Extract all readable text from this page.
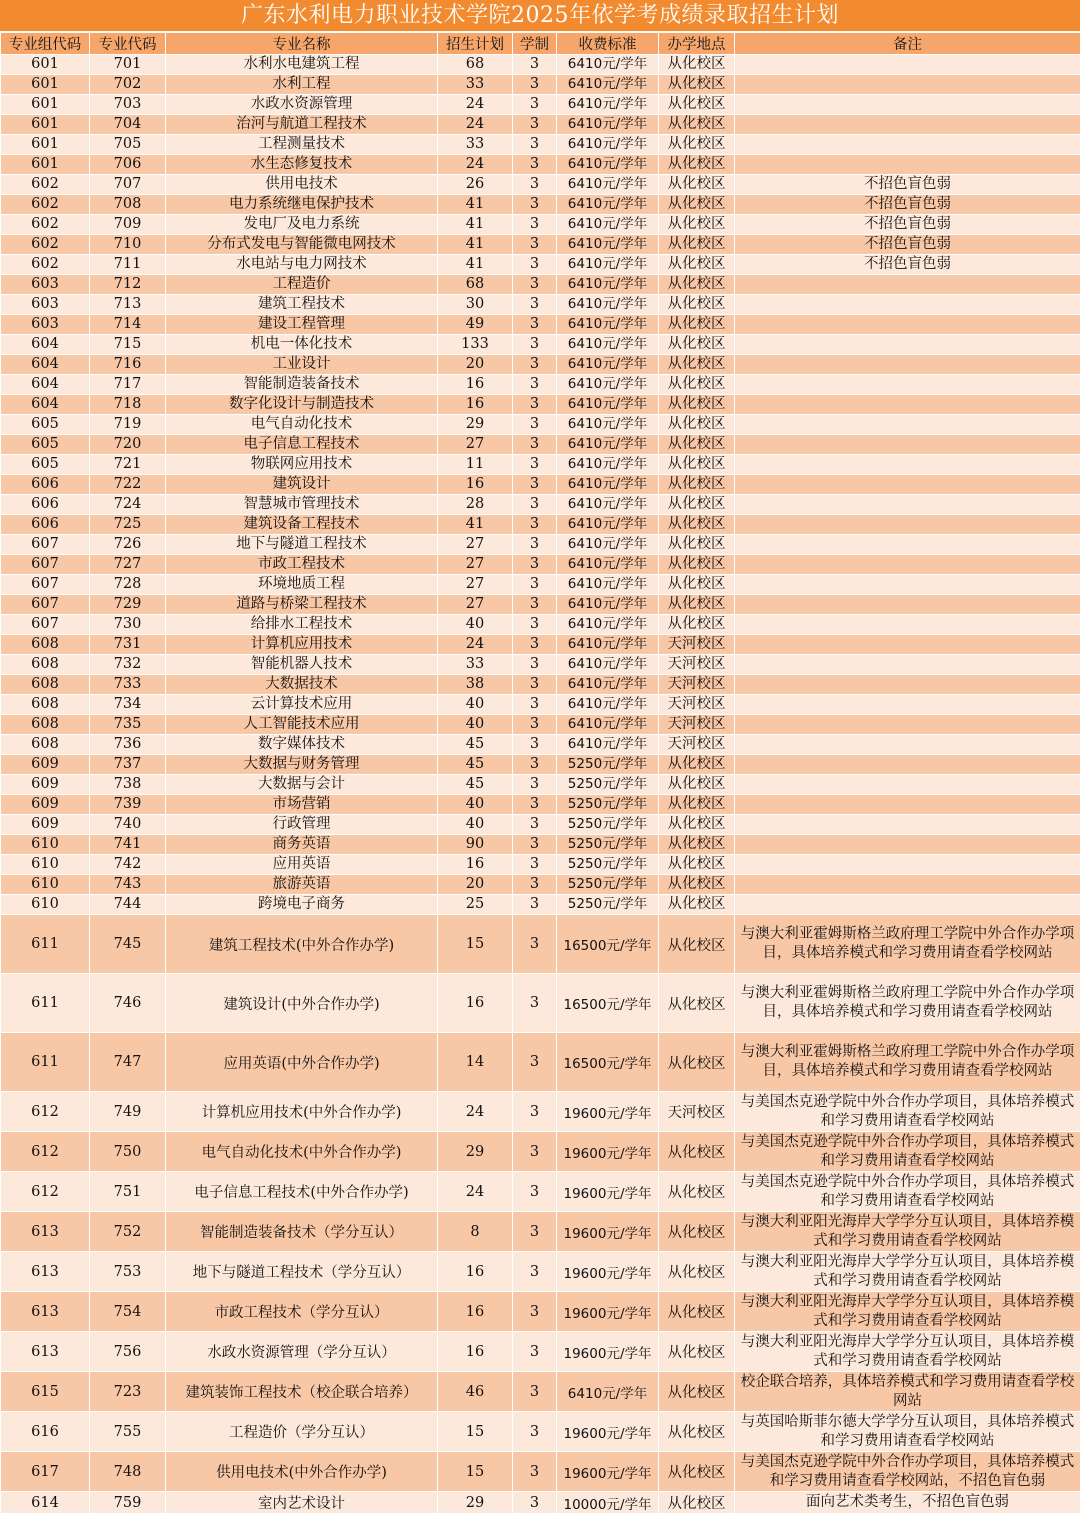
广东水利电力职业技术学院2025年依学考成绩录取招生计划
专业组代码	专业代码	专业名称	招生计划	学制	收费标准	办学地点	备注
601	701	水利水电建筑工程	68	3	6410元/学年	从化校区	
601	702	水利工程	33	3	6410元/学年	从化校区	
601	703	水政水资源管理	24	3	6410元/学年	从化校区	
601	704	治河与航道工程技术	24	3	6410元/学年	从化校区	
601	705	工程测量技术	33	3	6410元/学年	从化校区	
601	706	水生态修复技术	24	3	6410元/学年	从化校区	
602	707	供用电技术	26	3	6410元/学年	从化校区	不招色盲色弱
602	708	电力系统继电保护技术	41	3	6410元/学年	从化校区	不招色盲色弱
602	709	发电厂及电力系统	41	3	6410元/学年	从化校区	不招色盲色弱
602	710	分布式发电与智能微电网技术	41	3	6410元/学年	从化校区	不招色盲色弱
602	711	水电站与电力网技术	41	3	6410元/学年	从化校区	不招色盲色弱
603	712	工程造价	68	3	6410元/学年	从化校区	
603	713	建筑工程技术	30	3	6410元/学年	从化校区	
603	714	建设工程管理	49	3	6410元/学年	从化校区	
604	715	机电一体化技术	133	3	6410元/学年	从化校区	
604	716	工业设计	20	3	6410元/学年	从化校区	
604	717	智能制造装备技术	16	3	6410元/学年	从化校区	
604	718	数字化设计与制造技术	16	3	6410元/学年	从化校区	
605	719	电气自动化技术	29	3	6410元/学年	从化校区	
605	720	电子信息工程技术	27	3	6410元/学年	从化校区	
605	721	物联网应用技术	11	3	6410元/学年	从化校区	
606	722	建筑设计	16	3	6410元/学年	从化校区	
606	724	智慧城市管理技术	28	3	6410元/学年	从化校区	
606	725	建筑设备工程技术	41	3	6410元/学年	从化校区	
607	726	地下与隧道工程技术	27	3	6410元/学年	从化校区	
607	727	市政工程技术	27	3	6410元/学年	从化校区	
607	728	环境地质工程	27	3	6410元/学年	从化校区	
607	729	道路与桥梁工程技术	27	3	6410元/学年	从化校区	
607	730	给排水工程技术	40	3	6410元/学年	从化校区	
608	731	计算机应用技术	24	3	6410元/学年	天河校区	
608	732	智能机器人技术	33	3	6410元/学年	天河校区	
608	733	大数据技术	38	3	6410元/学年	天河校区	
608	734	云计算技术应用	40	3	6410元/学年	天河校区	
608	735	人工智能技术应用	40	3	6410元/学年	天河校区	
608	736	数字媒体技术	45	3	6410元/学年	天河校区	
609	737	大数据与财务管理	45	3	5250元/学年	从化校区	
609	738	大数据与会计	45	3	5250元/学年	从化校区	
609	739	市场营销	40	3	5250元/学年	从化校区	
609	740	行政管理	40	3	5250元/学年	从化校区	
610	741	商务英语	90	3	5250元/学年	从化校区	
610	742	应用英语	16	3	5250元/学年	从化校区	
610	743	旅游英语	20	3	5250元/学年	从化校区	
610	744	跨境电子商务	25	3	5250元/学年	从化校区	
611	745	建筑工程技术(中外合作办学)	15	3	16500元/学年	从化校区	与澳大利亚霍姆斯格兰政府理工学院中外合作办学项目，具体培养模式和学习费用请查看学校网站
611	746	建筑设计(中外合作办学)	16	3	16500元/学年	从化校区	与澳大利亚霍姆斯格兰政府理工学院中外合作办学项目，具体培养模式和学习费用请查看学校网站
611	747	应用英语(中外合作办学)	14	3	16500元/学年	从化校区	与澳大利亚霍姆斯格兰政府理工学院中外合作办学项目，具体培养模式和学习费用请查看学校网站
612	749	计算机应用技术(中外合作办学)	24	3	19600元/学年	天河校区	与美国杰克逊学院中外合作办学项目，具体培养模式和学习费用请查看学校网站
612	750	电气自动化技术(中外合作办学)	29	3	19600元/学年	从化校区	与美国杰克逊学院中外合作办学项目，具体培养模式和学习费用请查看学校网站
612	751	电子信息工程技术(中外合作办学)	24	3	19600元/学年	从化校区	与美国杰克逊学院中外合作办学项目，具体培养模式和学习费用请查看学校网站
613	752	智能制造装备技术（学分互认）	8	3	19600元/学年	从化校区	与澳大利亚阳光海岸大学学分互认项目，具体培养模式和学习费用请查看学校网站
613	753	地下与隧道工程技术（学分互认）	16	3	19600元/学年	从化校区	与澳大利亚阳光海岸大学学分互认项目，具体培养模式和学习费用请查看学校网站
613	754	市政工程技术（学分互认）	16	3	19600元/学年	从化校区	与澳大利亚阳光海岸大学学分互认项目，具体培养模式和学习费用请查看学校网站
613	756	水政水资源管理（学分互认）	16	3	19600元/学年	从化校区	与澳大利亚阳光海岸大学学分互认项目，具体培养模式和学习费用请查看学校网站
615	723	建筑装饰工程技术（校企联合培养）	46	3	6410元/学年	从化校区	校企联合培养，具体培养模式和学习费用请查看学校网站
616	755	工程造价（学分互认）	15	3	19600元/学年	从化校区	与英国哈斯菲尔德大学学分互认项目，具体培养模式和学习费用请查看学校网站
617	748	供用电技术(中外合作办学)	15	3	19600元/学年	从化校区	与美国杰克逊学院中外合作办学项目，具体培养模式和学习费用请查看学校网站，不招色盲色弱
614	759	室内艺术设计	29	3	10000元/学年	从化校区	面向艺术类考生，不招色盲色弱
